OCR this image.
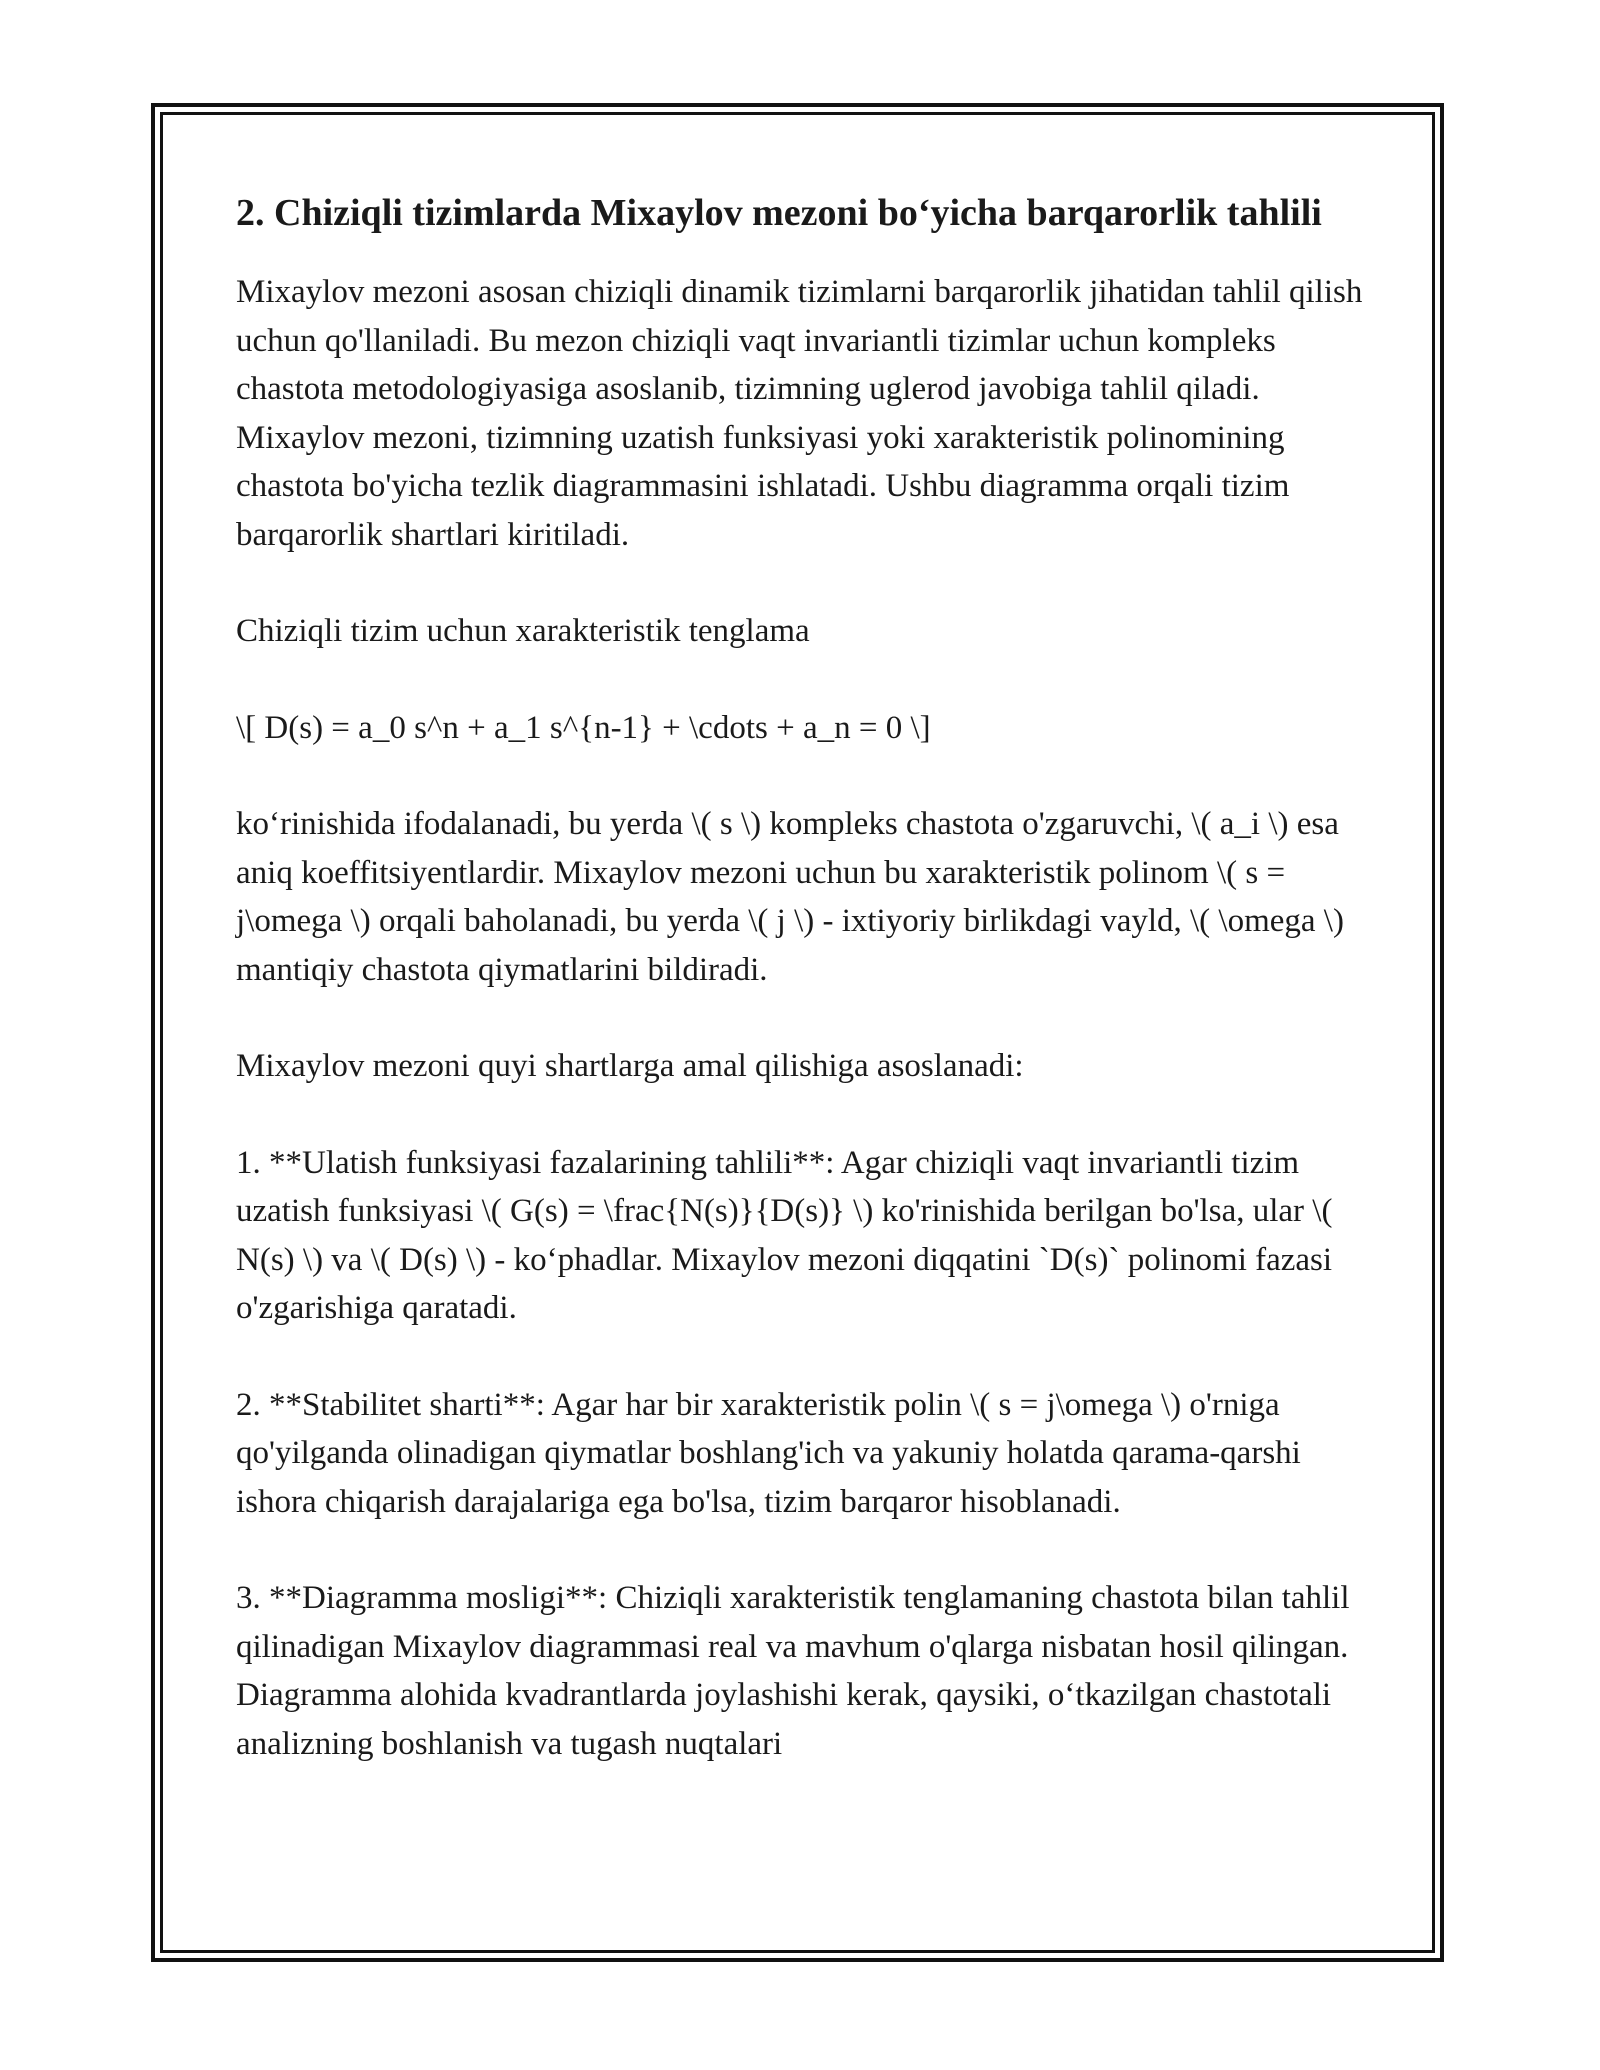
2. Chiziqli tizimlarda Mixaylov mezoni bo‘yicha barqarorlik tahlili

Mixaylov mezoni asosan chiziqli dinamik tizimlarni barqarorlik jihatidan tahlil qilish uchun qo'llaniladi. Bu mezon chiziqli vaqt invariantli tizimlar uchun kompleks chastota metodologiyasiga asoslanib, tizimning uglerod javobiga tahlil qiladi. Mixaylov mezoni, tizimning uzatish funksiyasi yoki xarakteristik polinomining chastota bo'yicha tezlik diagrammasini ishlatadi. Ushbu diagramma orqali tizim barqarorlik shartlari kiritiladi.

Chiziqli tizim uchun xarakteristik tenglama

\[ D(s) = a_0 s^n + a_1 s^{n-1} + \cdots + a_n = 0 \]

ko‘rinishida ifodalanadi, bu yerda \( s \) kompleks chastota o'zgaruvchi, \( a_i \) esa aniq koeffitsiyentlardir. Mixaylov mezoni uchun bu xarakteristik polinom \( s = j\omega \) orqali baholanadi, bu yerda \( j \) - ixtiyoriy birlikdagi vayld, \( \omega \) mantiqiy chastota qiymatlarini bildiradi.

Mixaylov mezoni quyi shartlarga amal qilishiga asoslanadi:

1. **Ulatish funksiyasi fazalarining tahlili**: Agar chiziqli vaqt invariantli tizim uzatish funksiyasi \( G(s) = \frac{N(s)}{D(s)} \) ko'rinishida berilgan bo'lsa, ular \( N(s) \) va \( D(s) \) - ko‘phadlar. Mixaylov mezoni diqqatini `D(s)` polinomi fazasi o'zgarishiga qaratadi.

2. **Stabilitet sharti**: Agar har bir xarakteristik polin \( s = j\omega \) o'rniga qo'yilganda olinadigan qiymatlar boshlang'ich va yakuniy holatda qarama-qarshi ishora chiqarish darajalariga ega bo'lsa, tizim barqaror hisoblanadi.

3. **Diagramma mosligi**: Chiziqli xarakteristik tenglamaning chastota bilan tahlil qilinadigan Mixaylov diagrammasi real va mavhum o'qlarga nisbatan hosil qilingan. Diagramma alohida kvadrantlarda joylashishi kerak, qaysiki, o‘tkazilgan chastotali analizning boshlanish va tugash nuqtalari
